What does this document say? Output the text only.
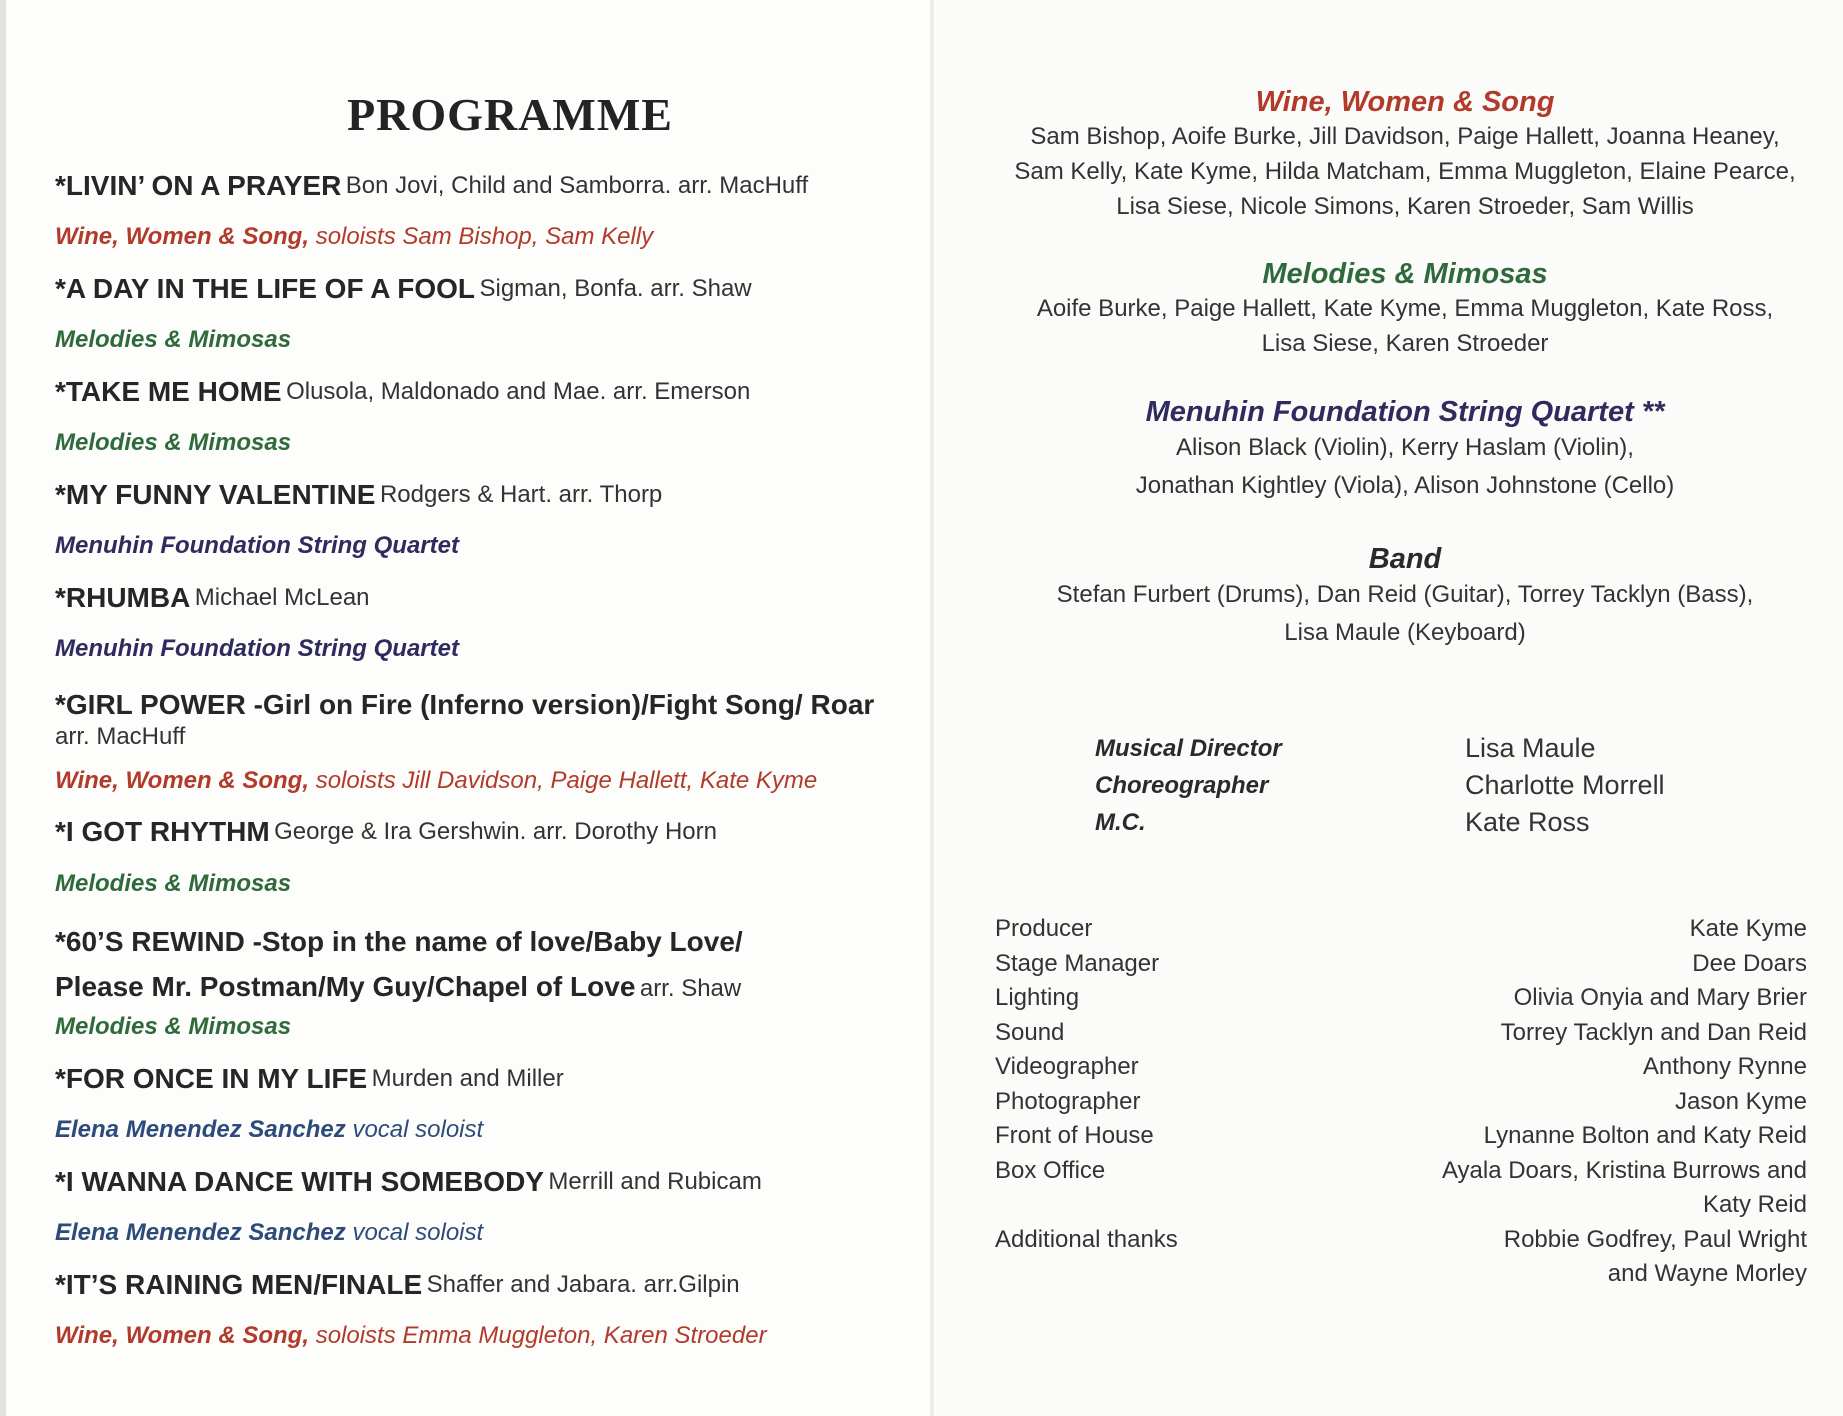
PROGRAMME
*LIVIN’ ON A PRAYER
Bon Jovi, Child and Samborra. arr. MacHuff
Wine, Women & Song, soloists Sam Bishop, Sam Kelly
*A DAY IN THE LIFE OF A FOOL
Sigman, Bonfa. arr. Shaw
Melodies & Mimosas
*TAKE ME HOME
Olusola, Maldonado and Mae. arr. Emerson
Melodies & Mimosas
*MY FUNNY VALENTINE
Rodgers & Hart. arr. Thorp
Menuhin Foundation String Quartet
*RHUMBA
Michael McLean
Menuhin Foundation String Quartet
*GIRL POWER -Girl on Fire (Inferno version)/Fight Song/ Roar
arr. MacHuff
Wine, Women & Song, soloists Jill Davidson, Paige Hallett, Kate Kyme
*I GOT RHYTHM
George & Ira Gershwin. arr. Dorothy Horn
Melodies & Mimosas
*60’S REWIND -Stop in the name of love/Baby Love/ Please Mr. Postman/My Guy/Chapel of Love arr. Shaw
Melodies & Mimosas
*FOR ONCE IN MY LIFE
Murden and Miller
Elena Menendez Sanchez vocal soloist
*I WANNA DANCE WITH SOMEBODY
Merrill and Rubicam
Elena Menendez Sanchez vocal soloist
*IT’S RAINING MEN/FINALE
Shaffer and Jabara. arr.Gilpin
Wine, Women & Song, soloists Emma Muggleton, Karen Stroeder
Wine, Women & Song
Sam Bishop, Aoife Burke, Jill Davidson, Paige Hallett, Joanna Heaney,
Sam Kelly, Kate Kyme, Hilda Matcham, Emma Muggleton, Elaine Pearce,
Lisa Siese, Nicole Simons, Karen Stroeder, Sam Willis
Melodies & Mimosas
Aoife Burke, Paige Hallett, Kate Kyme, Emma Muggleton, Kate Ross,
Lisa Siese, Karen Stroeder
Menuhin Foundation String Quartet **
Alison Black (Violin), Kerry Haslam (Violin),
Jonathan Kightley (Viola), Alison Johnstone (Cello)
Band
Stefan Furbert (Drums), Dan Reid (Guitar), Torrey Tacklyn (Bass),
Lisa Maule (Keyboard)
Musical Director	Lisa Maule
Choreographer	Charlotte Morrell
M.C.	Kate Ross
Producer	Kate Kyme
Stage Manager	Dee Doars
Lighting	Olivia Onyia and Mary Brier
Sound	Torrey Tacklyn and Dan Reid
Videographer	Anthony Rynne
Photographer	Jason Kyme
Front of House	Lynanne Bolton and Katy Reid
Box Office	Ayala Doars, Kristina Burrows and
Katy Reid
Additional thanks	Robbie Godfrey, Paul Wright
and Wayne Morley
